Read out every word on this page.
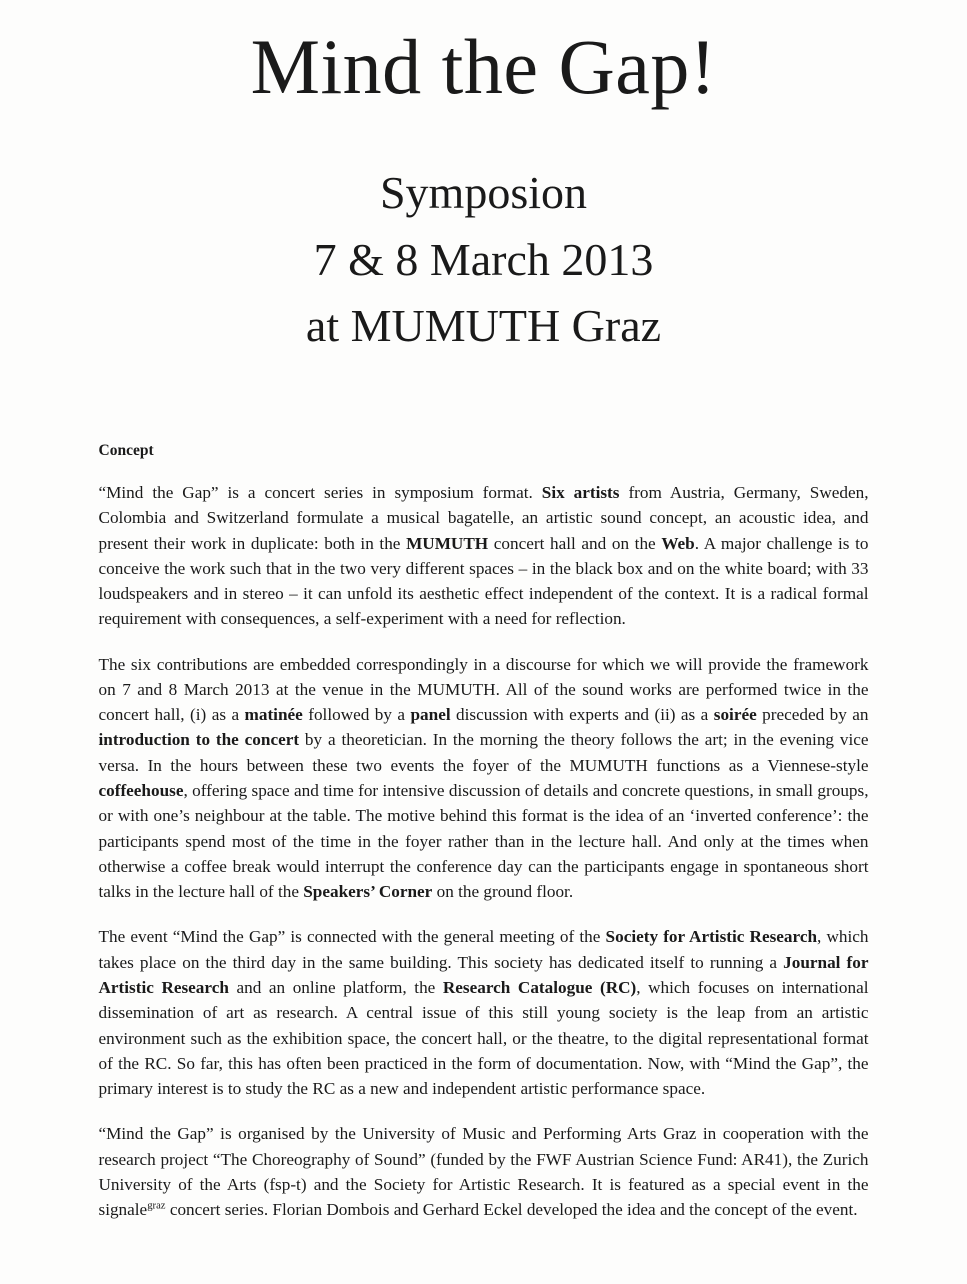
Mind the Gap!
Symposion
7 & 8 March 2013
at MUMUTH Graz
Concept

“Mind the Gap” is a concert series in symposium format. Six artists from Austria, Germany, Sweden, Colombia and Switzerland formulate a musical bagatelle, an artistic sound concept, an acoustic idea, and present their work in duplicate: both in the MUMUTH concert hall and on the Web. A major challenge is to conceive the work such that in the two very different spaces – in the black box and on the white board; with 33 loudspeakers and in stereo – it can unfold its aesthetic effect independent of the context. It is a radical formal requirement with consequences, a self-experiment with a need for reflection.

The six contributions are embedded correspondingly in a discourse for which we will provide the framework on 7 and 8 March 2013 at the venue in the MUMUTH. All of the sound works are performed twice in the concert hall, (i) as a matinée followed by a panel discussion with experts and (ii) as a soirée preceded by an introduction to the concert by a theoretician. In the morning the theory follows the art; in the evening vice versa. In the hours between these two events the foyer of the MUMUTH functions as a Viennese-style coffeehouse, offering space and time for intensive discussion of details and concrete questions, in small groups, or with one’s neighbour at the table. The motive behind this format is the idea of an ‘inverted conference’: the participants spend most of the time in the foyer rather than in the lecture hall. And only at the times when otherwise a coffee break would interrupt the conference day can the participants engage in spontaneous short talks in the lecture hall of the Speakers’ Corner on the ground floor.

The event “Mind the Gap” is connected with the general meeting of the Society for Artistic Research, which takes place on the third day in the same building. This society has dedicated itself to running a Journal for Artistic Research and an online platform, the Research Catalogue (RC), which focuses on international dissemination of art as research. A central issue of this still young society is the leap from an artistic environment such as the exhibition space, the concert hall, or the theatre, to the digital representational format of the RC. So far, this has often been practiced in the form of documentation. Now, with “Mind the Gap”, the primary interest is to study the RC as a new and independent artistic performance space.

“Mind the Gap” is organised by the University of Music and Performing Arts Graz in cooperation with the research project “The Choreography of Sound” (funded by the FWF Austrian Science Fund: AR41), the Zurich University of the Arts (fsp-t) and the Society for Artistic Research. It is featured as a special event in the signale$^{graz}$ concert series. Florian Dombois and Gerhard Eckel developed the idea and the concept of the event.
